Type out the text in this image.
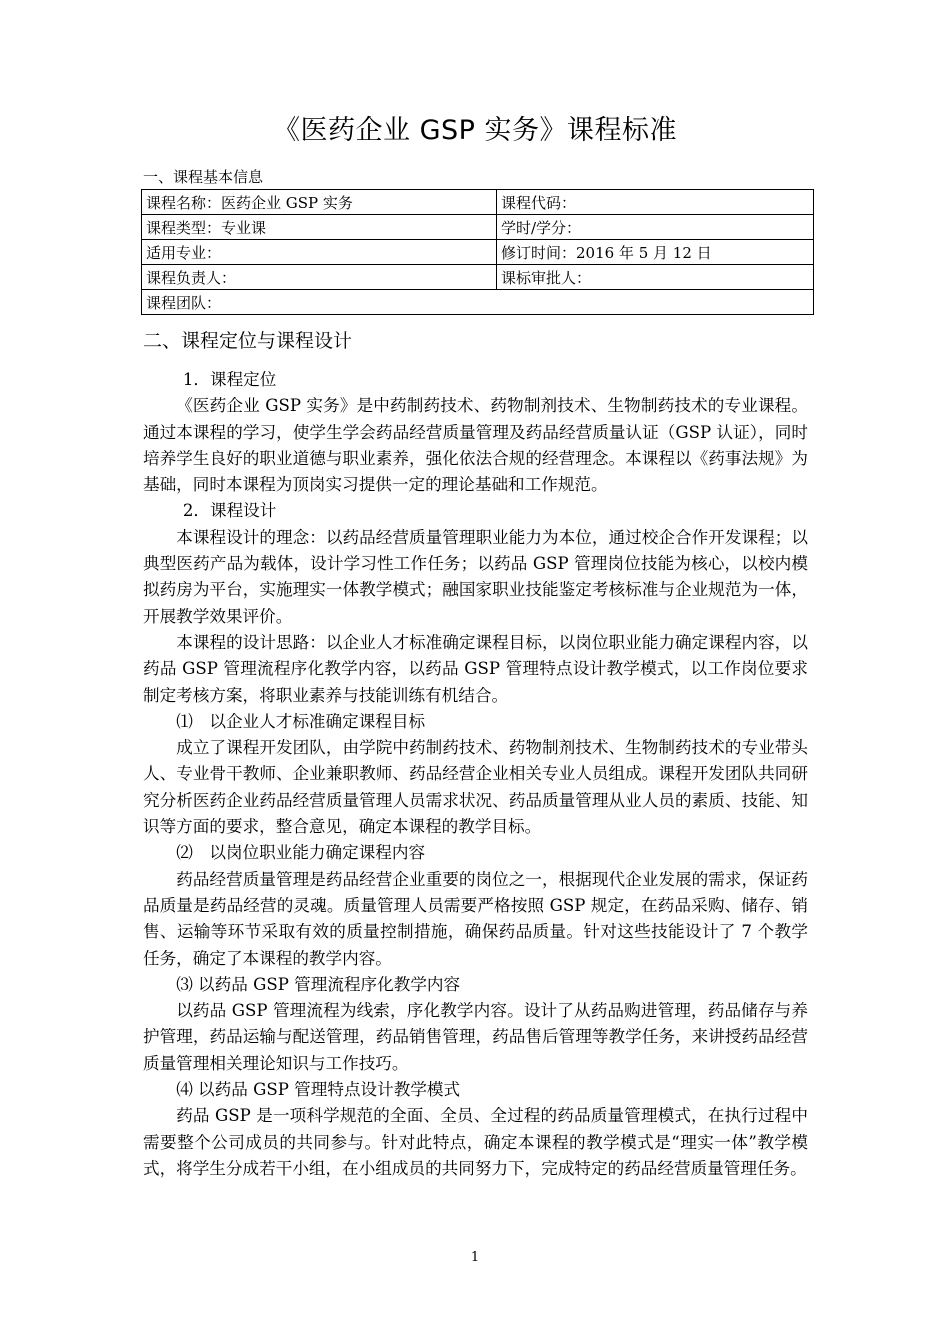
《医药企业 GSP 实务》课程标准
一、课程基本信息
课程名称：医药企业 GSP 实务	课程代码：
课程类型：专业课	学时/学分：
适用专业：	修订时间：2016 年 5 月 12 日
课程负责人：	课标审批人：
课程团队：	
二、课程定位与课程设计

1．课程定位

《医药企业 GSP 实务》是中药制药技术、药物制剂技术、生物制药技术的专业课程。通过本课程的学习，使学生学会药品经营质量管理及药品经营质量认证（GSP 认证），同时培养学生良好的职业道德与职业素养，强化依法合规的经营理念。本课程以《药事法规》为基础，同时本课程为顶岗实习提供一定的理论基础和工作规范。

2．课程设计

本课程设计的理念：以药品经营质量管理职业能力为本位，通过校企合作开发课程；以典型医药产品为载体，设计学习性工作任务；以药品 GSP 管理岗位技能为核心，以校内模拟药房为平台，实施理实一体教学模式；融国家职业技能鉴定考核标准与企业规范为一体，开展教学效果评价。

本课程的设计思路：以企业人才标准确定课程目标，以岗位职业能力确定课程内容，以药品 GSP 管理流程序化教学内容，以药品 GSP 管理特点设计教学模式，以工作岗位要求制定考核方案，将职业素养与技能训练有机结合。

⑴　以企业人才标准确定课程目标

成立了课程开发团队，由学院中药制药技术、药物制剂技术、生物制药技术的专业带头人、专业骨干教师、企业兼职教师、药品经营企业相关专业人员组成。课程开发团队共同研究分析医药企业药品经营质量管理人员需求状况、药品质量管理从业人员的素质、技能、知识等方面的要求，整合意见，确定本课程的教学目标。

⑵　以岗位职业能力确定课程内容

药品经营质量管理是药品经营企业重要的岗位之一，根据现代企业发展的需求，保证药品质量是药品经营的灵魂。质量管理人员需要严格按照 GSP 规定，在药品采购、储存、销售、运输等环节采取有效的质量控制措施，确保药品质量。针对这些技能设计了 7 个教学任务，确定了本课程的教学内容。

⑶ 以药品 GSP 管理流程序化教学内容

以药品 GSP 管理流程为线索，序化教学内容。设计了从药品购进管理，药品储存与养护管理，药品运输与配送管理，药品销售管理，药品售后管理等教学任务，来讲授药品经营质量管理相关理论知识与工作技巧。

⑷ 以药品 GSP 管理特点设计教学模式

药品 GSP 是一项科学规范的全面、全员、全过程的药品质量管理模式，在执行过程中需要整个公司成员的共同参与。针对此特点，确定本课程的教学模式是“理实一体”教学模式，将学生分成若干小组，在小组成员的共同努力下，完成特定的药品经营质量管理任务。

1
